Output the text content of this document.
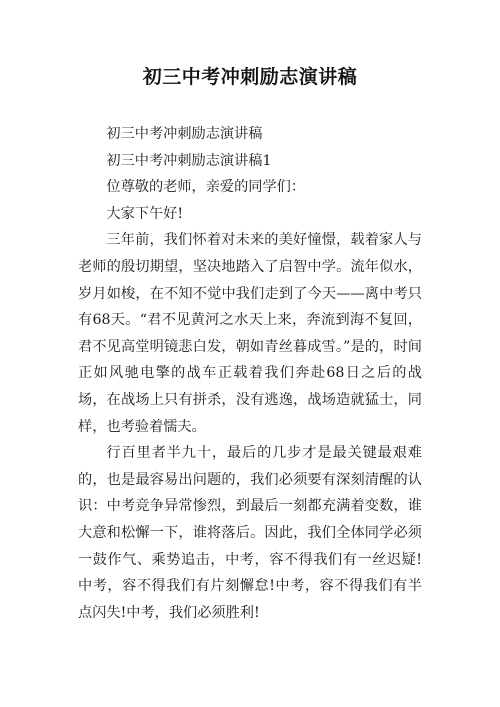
初三中考冲刺励志演讲稿

初三中考冲刺励志演讲稿

初三中考冲刺励志演讲稿1

位尊敬的老师，亲爱的同学们：

大家下午好!

三年前，我们怀着对未来的美好憧憬，载着家人与老师的殷切期望，坚决地踏入了启智中学。流年似水，岁月如梭，在不知不觉中我们走到了今天——离中考只有68天。“君不见黄河之水天上来，奔流到海不复回，君不见高堂明镜悲白发，朝如青丝暮成雪。”是的，时间正如风驰电擎的战车正载着我们奔赴68日之后的战场，在战场上只有拼杀，没有逃逸，战场造就猛士，同样，也考验着懦夫。

行百里者半九十，最后的几步才是最关键最艰难的，也是最容易出问题的，我们必须要有深刻清醒的认识：中考竞争异常惨烈，到最后一刻都充满着变数，谁大意和松懈一下，谁将落后。因此，我们全体同学必须一鼓作气、乘势追击，中考，容不得我们有一丝迟疑!中考，容不得我们有片刻懈怠!中考，容不得我们有半点闪失!中考，我们必须胜利!
